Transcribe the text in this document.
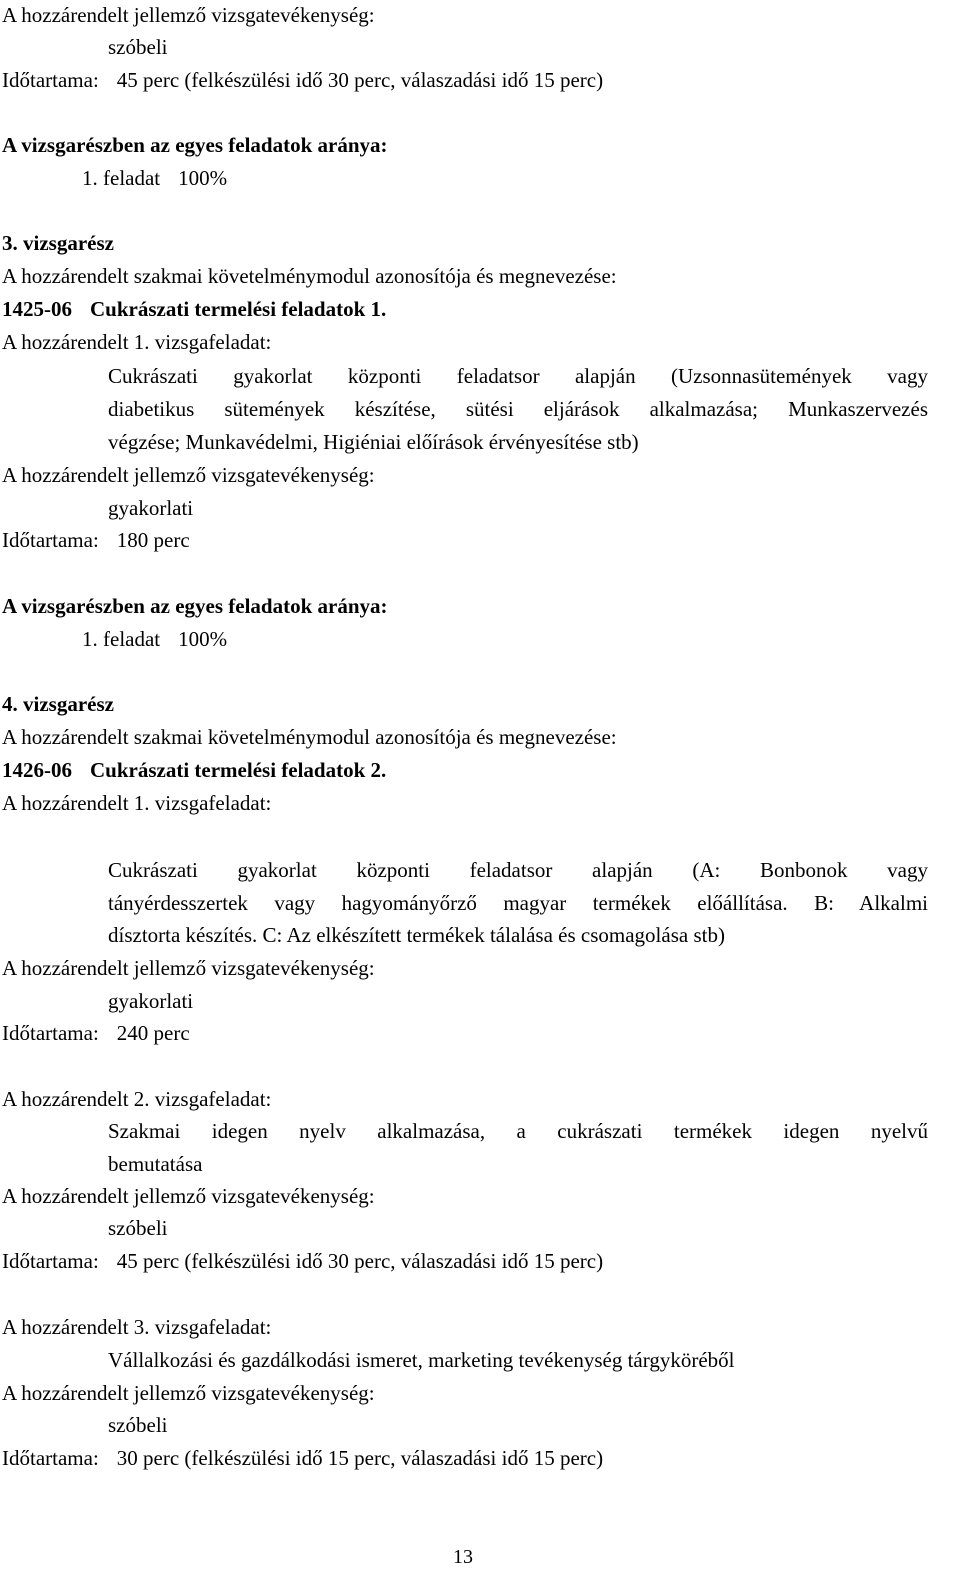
A hozzárendelt jellemző vizsgatevékenység:
szóbeli
Időtartama: 45 perc (felkészülési idő 30 perc, válaszadási idő 15 perc)
A vizsgarészben az egyes feladatok aránya:
1. feladat 100%
3. vizsgarész
A hozzárendelt szakmai követelménymodul azonosítója és megnevezése:
1425-06 Cukrászati termelési feladatok 1.
A hozzárendelt 1. vizsgafeladat:
Cukrászati gyakorlat központi feladatsor alapján (Uzsonnasütemények vagy
diabetikus sütemények készítése, sütési eljárások alkalmazása; Munkaszervezés
végzése; Munkavédelmi, Higiéniai előírások érvényesítése stb)
A hozzárendelt jellemző vizsgatevékenység:
gyakorlati
Időtartama: 180 perc
A vizsgarészben az egyes feladatok aránya:
1. feladat 100%
4. vizsgarész
A hozzárendelt szakmai követelménymodul azonosítója és megnevezése:
1426-06 Cukrászati termelési feladatok 2.
A hozzárendelt 1. vizsgafeladat:
Cukrászati gyakorlat központi feladatsor alapján (A: Bonbonok vagy
tányérdesszertek vagy hagyományőrző magyar termékek előállítása. B: Alkalmi
dísztorta készítés. C: Az elkészített termékek tálalása és csomagolása stb)
A hozzárendelt jellemző vizsgatevékenység:
gyakorlati
Időtartama: 240 perc
A hozzárendelt 2. vizsgafeladat:
Szakmai idegen nyelv alkalmazása, a cukrászati termékek idegen nyelvű
bemutatása
A hozzárendelt jellemző vizsgatevékenység:
szóbeli
Időtartama: 45 perc (felkészülési idő 30 perc, válaszadási idő 15 perc)
A hozzárendelt 3. vizsgafeladat:
Vállalkozási és gazdálkodási ismeret, marketing tevékenység tárgyköréből
A hozzárendelt jellemző vizsgatevékenység:
szóbeli
Időtartama: 30 perc (felkészülési idő 15 perc, válaszadási idő 15 perc)
13
